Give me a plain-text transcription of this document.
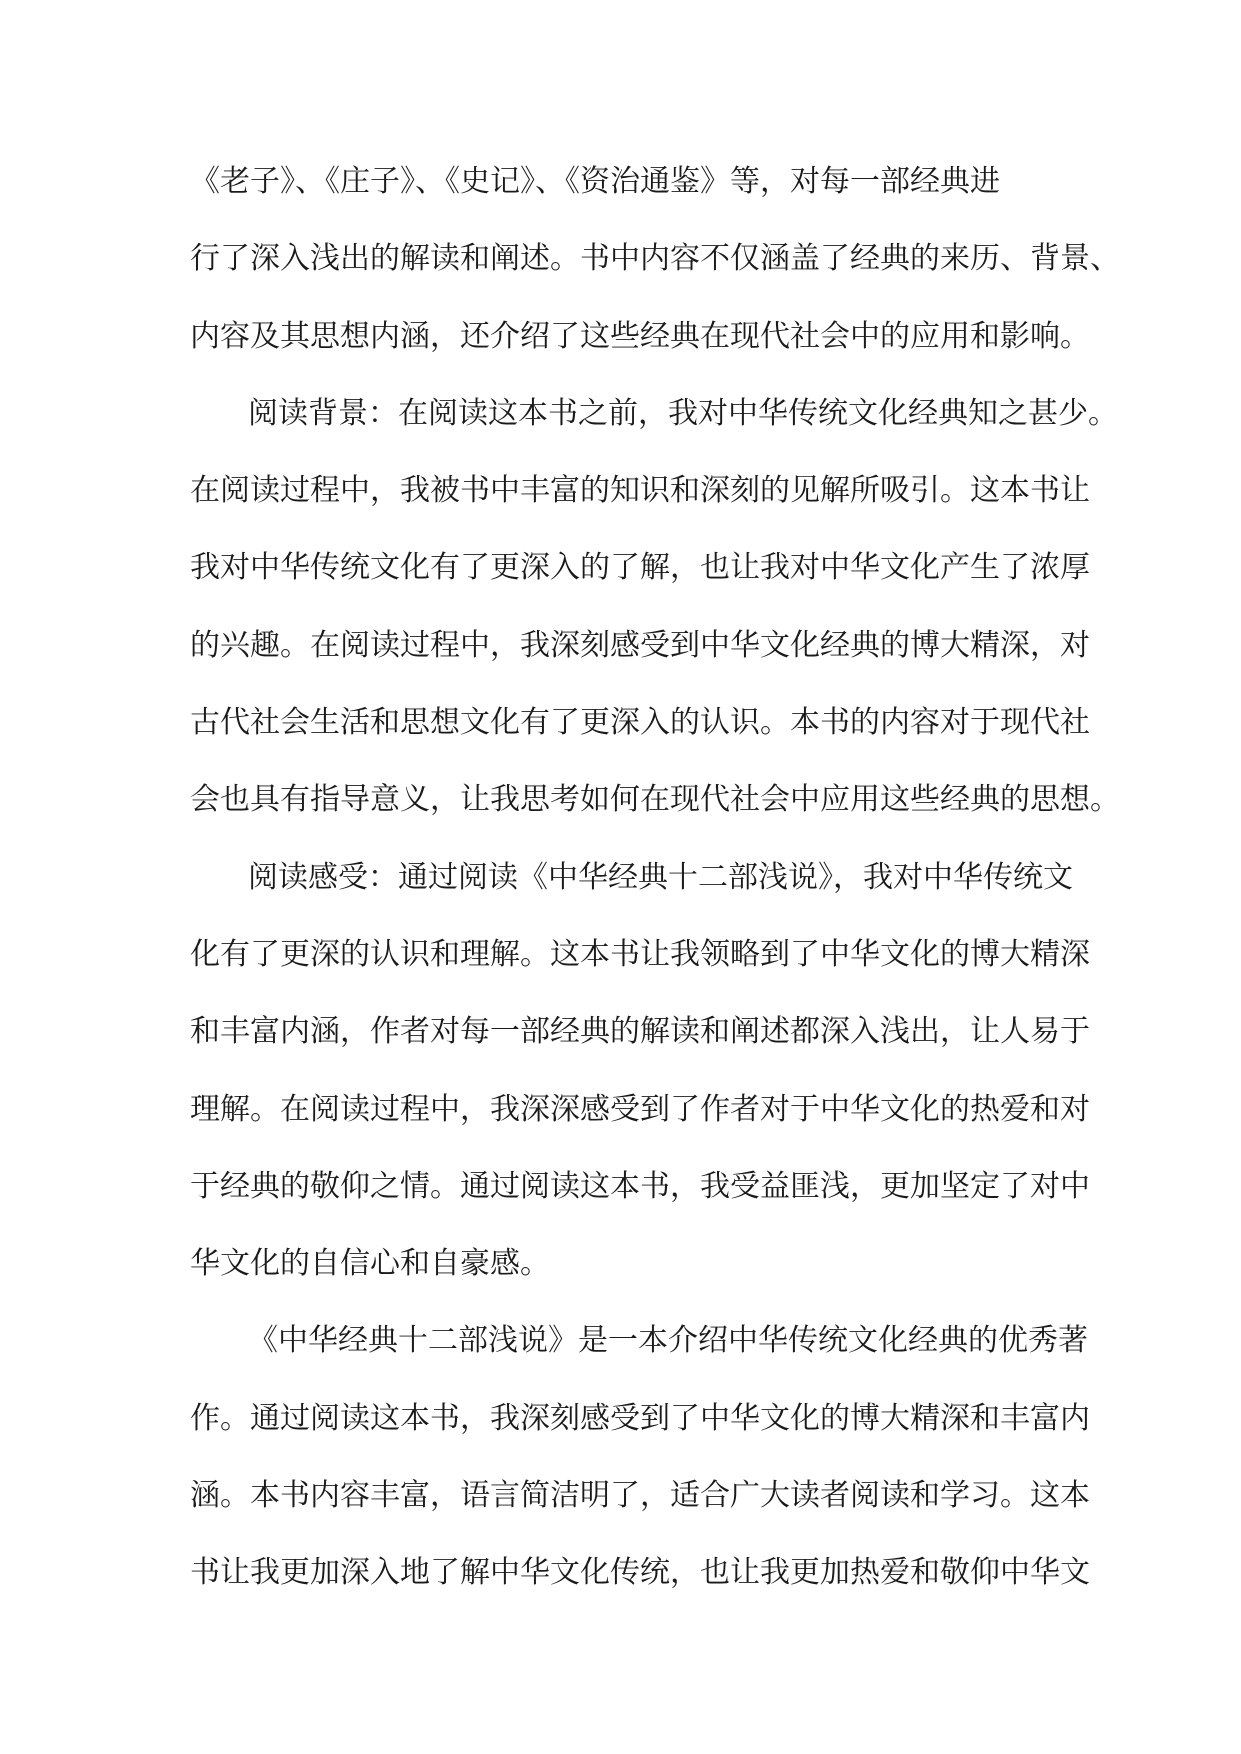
《老子》、《庄子》、《史记》、《资治通鉴》等，对每一部经典进
行了深入浅出的解读和阐述。书中内容不仅涵盖了经典的来历、背景、
内容及其思想内涵，还介绍了这些经典在现代社会中的应用和影响。
阅读背景：在阅读这本书之前，我对中华传统文化经典知之甚少。
在阅读过程中，我被书中丰富的知识和深刻的见解所吸引。这本书让
我对中华传统文化有了更深入的了解，也让我对中华文化产生了浓厚
的兴趣。在阅读过程中，我深刻感受到中华文化经典的博大精深，对
古代社会生活和思想文化有了更深入的认识。本书的内容对于现代社
会也具有指导意义，让我思考如何在现代社会中应用这些经典的思想。
阅读感受：通过阅读《中华经典十二部浅说》，我对中华传统文
化有了更深的认识和理解。这本书让我领略到了中华文化的博大精深
和丰富内涵，作者对每一部经典的解读和阐述都深入浅出，让人易于
理解。在阅读过程中，我深深感受到了作者对于中华文化的热爱和对
于经典的敬仰之情。通过阅读这本书，我受益匪浅，更加坚定了对中
华文化的自信心和自豪感。
《中华经典十二部浅说》是一本介绍中华传统文化经典的优秀著
作。通过阅读这本书，我深刻感受到了中华文化的博大精深和丰富内
涵。本书内容丰富，语言简洁明了，适合广大读者阅读和学习。这本
书让我更加深入地了解中华文化传统，也让我更加热爱和敬仰中华文
